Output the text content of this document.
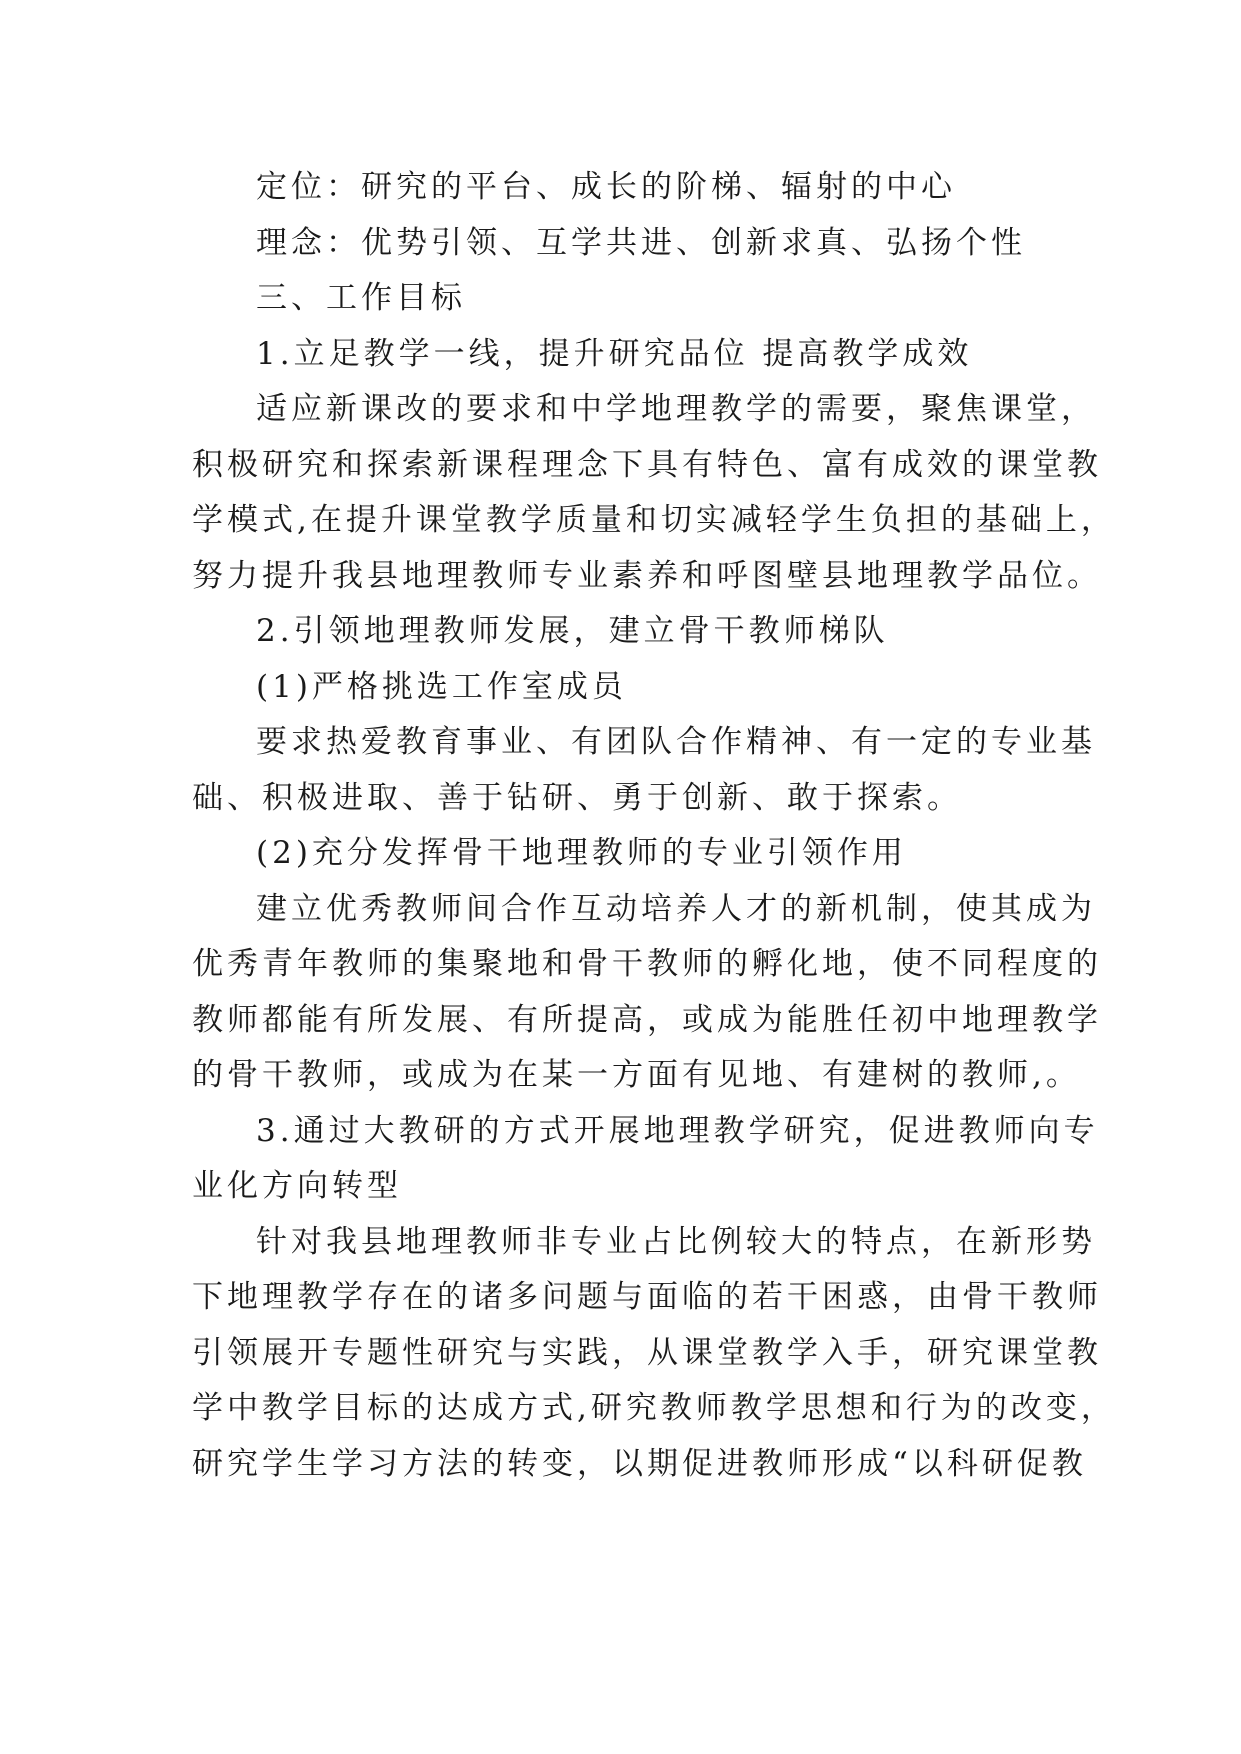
定位：研究的平台、成长的阶梯、辐射的中心
理念：优势引领、互学共进、创新求真、弘扬个性
三、工作目标
1.立足教学一线，提升研究品位 提高教学成效
适应新课改的要求和中学地理教学的需要，聚焦课堂，
积极研究和探索新课程理念下具有特色、富有成效的课堂教
学模式,在提升课堂教学质量和切实减轻学生负担的基础上，
努力提升我县地理教师专业素养和呼图壁县地理教学品位。
2.引领地理教师发展，建立骨干教师梯队
(1)严格挑选工作室成员
要求热爱教育事业、有团队合作精神、有一定的专业基
础、积极进取、善于钻研、勇于创新、敢于探索。
(2)充分发挥骨干地理教师的专业引领作用
建立优秀教师间合作互动培养人才的新机制，使其成为
优秀青年教师的集聚地和骨干教师的孵化地，使不同程度的
教师都能有所发展、有所提高，或成为能胜任初中地理教学
的骨干教师，或成为在某一方面有见地、有建树的教师,。
3.通过大教研的方式开展地理教学研究，促进教师向专
业化方向转型
针对我县地理教师非专业占比例较大的特点，在新形势
下地理教学存在的诸多问题与面临的若干困惑，由骨干教师
引领展开专题性研究与实践，从课堂教学入手，研究课堂教
学中教学目标的达成方式,研究教师教学思想和行为的改变，
研究学生学习方法的转变，以期促进教师形成“以科研促教
